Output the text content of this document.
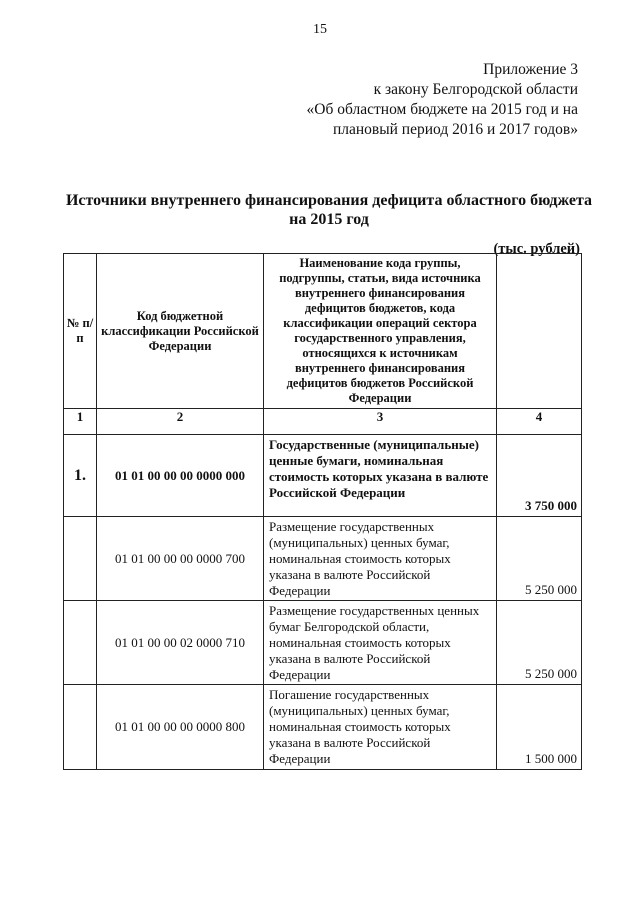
15
Приложение 3
к закону Белгородской области
«Об областном бюджете на 2015 год и на
плановый период 2016 и 2017 годов»
Источники внутреннего финансирования дефицита областного бюджета
на 2015 год
(тыс. рублей)
№ п/п	Код бюджетной классификации Российской Федерации	Наименование кода группы, подгруппы, статьи, вида источника внутреннего финансирования дефицитов бюджетов, кода классификации операций сектора государственного управления, относящихся к источникам внутреннего финансирования дефицитов бюджетов Российской Федерации	
1	2	3	4
1.	01 01 00 00 00 0000 000	Государственные (муниципальные) ценные бумаги, номинальная стоимость которых указана в валюте Российской Федерации	3 750 000
	01 01 00 00 00 0000 700	Размещение государственных (муниципальных) ценных бумаг, номинальная стоимость которых указана в валюте Российской Федерации	5 250 000
	01 01 00 00 02 0000 710	Размещение государственных ценных бумаг Белгородской области, номинальная стоимость которых указана в валюте Российской Федерации	5 250 000
	01 01 00 00 00 0000 800	Погашение государственных (муниципальных) ценных бумаг, номинальная стоимость которых указана в валюте Российской Федерации	1 500 000
